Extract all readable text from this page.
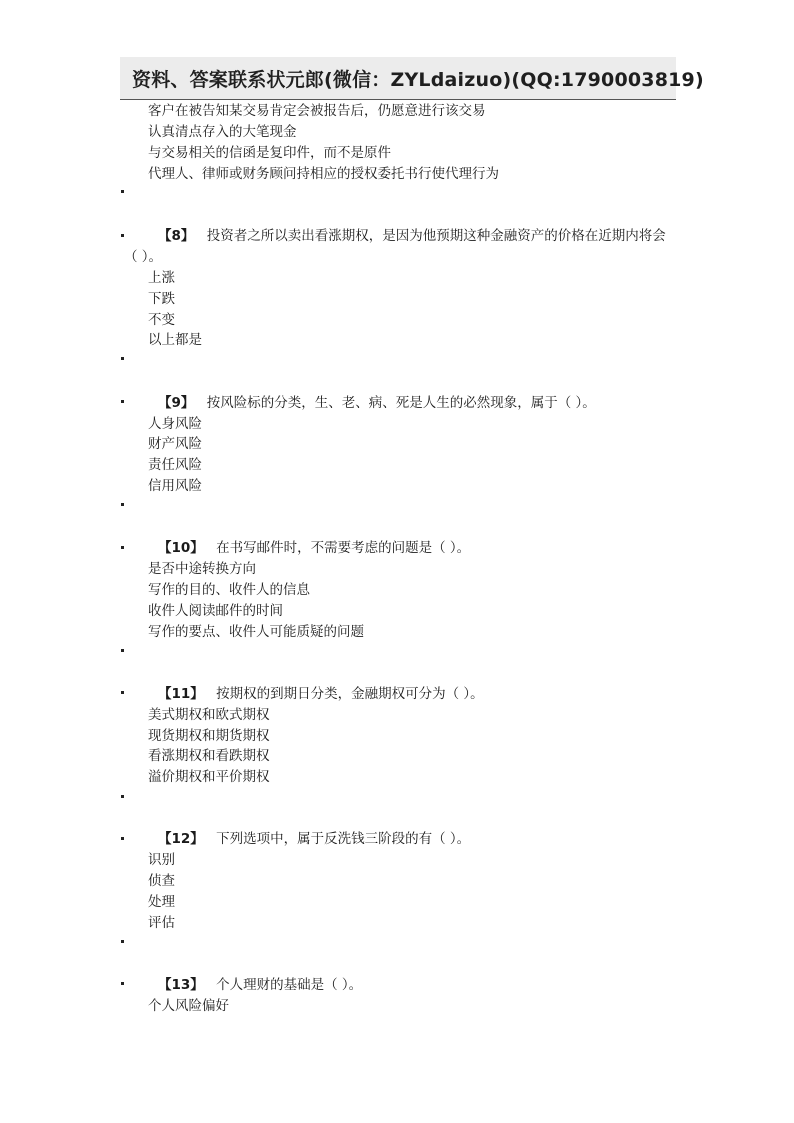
资料、答案联系状元郎(微信：ZYLdaizuo)(QQ:1790003819)
客户在被告知某交易肯定会被报告后，仍愿意进行该交易
认真清点存入的大笔现金
与交易相关的信函是复印件，而不是原件
代理人、律师或财务顾问持相应的授权委托书行使代理行为
【8】 投资者之所以卖出看涨期权，是因为他预期这种金融资产的价格在近期内将会
（ ）。
上涨
下跌
不变
以上都是
【9】 按风险标的分类，生、老、病、死是人生的必然现象，属于（ ）。
人身风险
财产风险
责任风险
信用风险
【10】 在书写邮件时，不需要考虑的问题是（ ）。
是否中途转换方向
写作的目的、收件人的信息
收件人阅读邮件的时间
写作的要点、收件人可能质疑的问题
【11】 按期权的到期日分类，金融期权可分为（ ）。
美式期权和欧式期权
现货期权和期货期权
看涨期权和看跌期权
溢价期权和平价期权
【12】 下列选项中，属于反洗钱三阶段的有（ ）。
识别
侦查
处理
评估
【13】 个人理财的基础是（ ）。
个人风险偏好
